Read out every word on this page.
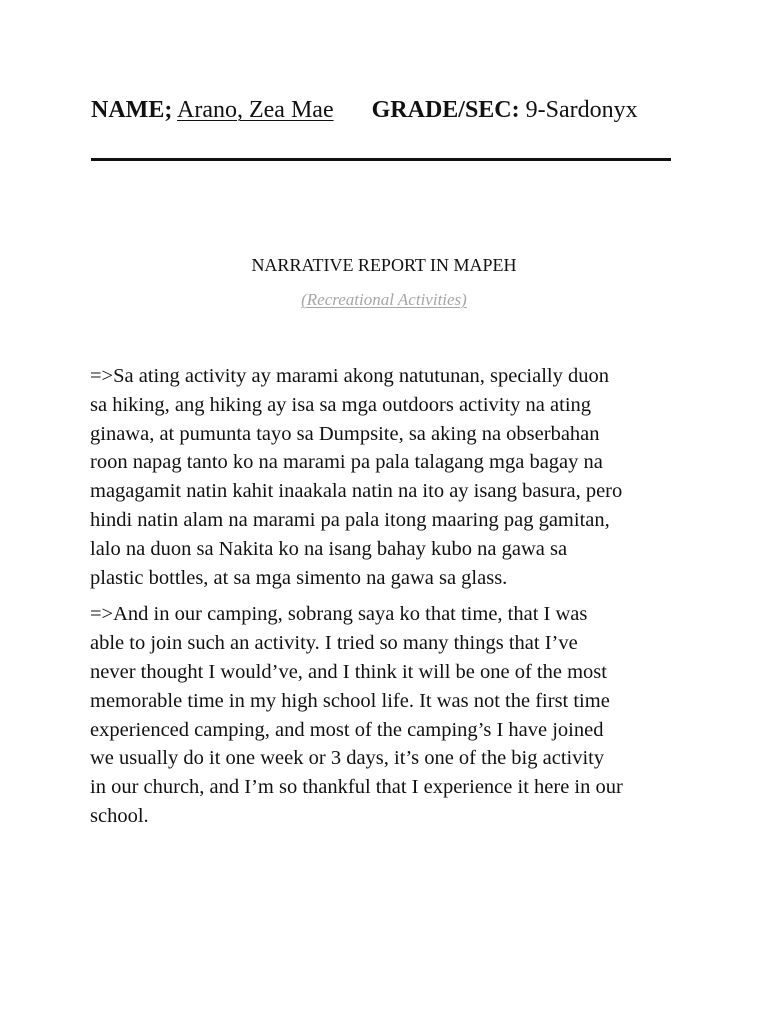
NAME; Arano, Zea Mae GRADE/SEC: 9-Sardonyx
NARRATIVE REPORT IN MAPEH
(Recreational Activities)

=>Sa ating activity ay marami akong natutunan, specially duon
sa hiking, ang hiking ay isa sa mga outdoors activity na ating
ginawa, at pumunta tayo sa Dumpsite, sa aking na obserbahan
roon napag tanto ko na marami pa pala talagang mga bagay na
magagamit natin kahit inaakala natin na ito ay isang basura, pero
hindi natin alam na marami pa pala itong maaring pag gamitan,
lalo na duon sa Nakita ko na isang bahay kubo na gawa sa
plastic bottles, at sa mga simento na gawa sa glass.

=>And in our camping, sobrang saya ko that time, that I was
able to join such an activity. I tried so many things that I’ve
never thought I would’ve, and I think it will be one of the most
memorable time in my high school life. It was not the first time
experienced camping, and most of the camping’s I have joined
we usually do it one week or 3 days, it’s one of the big activity
in our church, and I’m so thankful that I experience it here in our
school.
